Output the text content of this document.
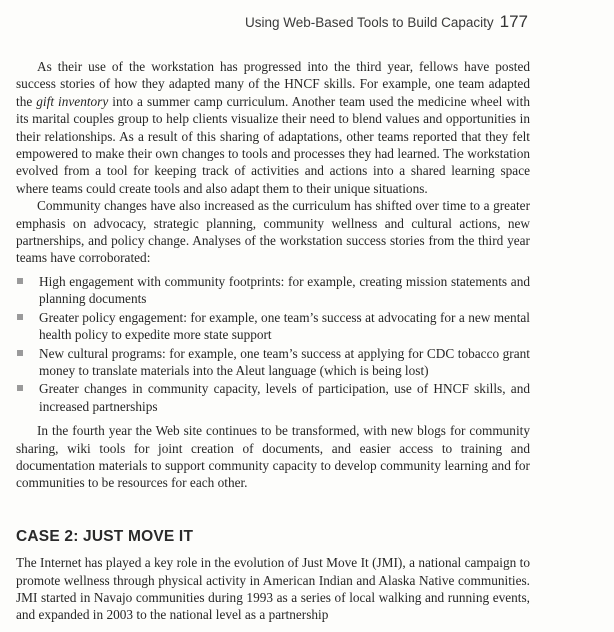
Using Web-Based Tools to Build Capacity 177

As their use of the workstation has progressed into the third year, fellows have posted success stories of how they adapted many of the HNCF skills. For example, one team adapted the gift inventory into a summer camp curriculum. Another team used the medicine wheel with its marital couples group to help clients visualize their need to blend values and opportunities in their relationships. As a result of this sharing of adaptations, other teams reported that they felt empowered to make their own changes to tools and processes they had learned. The workstation evolved from a tool for keeping track of activities and actions into a shared learning space where teams could create tools and also adapt them to their unique situations.

Community changes have also increased as the curriculum has shifted over time to a greater emphasis on advocacy, strategic planning, community wellness and cultural actions, new partnerships, and policy change. Analyses of the workstation success stories from the third year teams have corroborated:

High engagement with community footprints: for example, creating mission statements and planning documents
Greater policy engagement: for example, one team’s success at advocating for a new mental health policy to expedite more state support
New cultural programs: for example, one team’s success at applying for CDC tobacco grant money to translate materials into the Aleut language (which is being lost)
Greater changes in community capacity, levels of participation, use of HNCF skills, and increased partnerships

In the fourth year the Web site continues to be transformed, with new blogs for community sharing, wiki tools for joint creation of documents, and easier access to training and documentation materials to support community capacity to develop community learning and for communities to be resources for each other.

CASE 2: JUST MOVE IT

The Internet has played a key role in the evolution of Just Move It (JMI), a national campaign to promote wellness through physical activity in American Indian and Alaska Native communities. JMI started in Navajo communities during 1993 as a series of local walking and running events, and expanded in 2003 to the national level as a partnership
